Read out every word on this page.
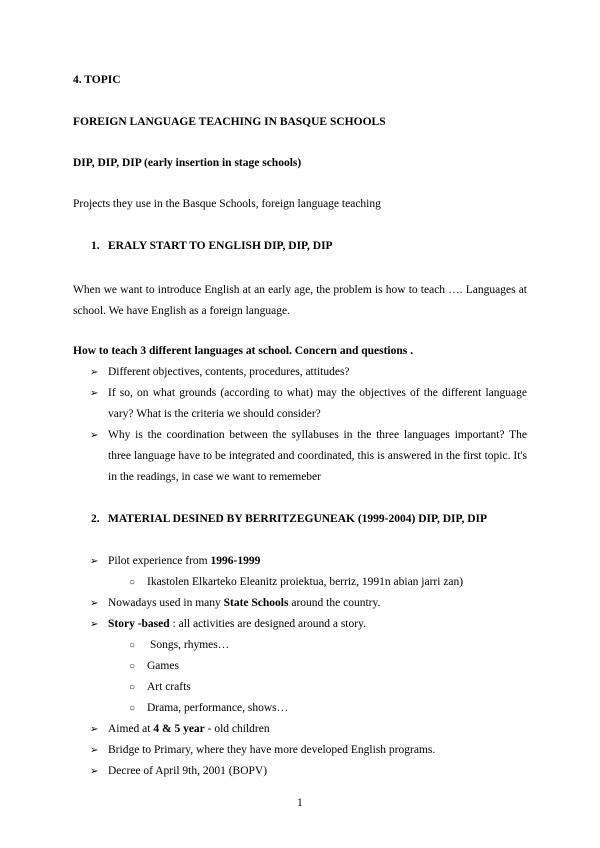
4. TOPIC
FOREIGN LANGUAGE TEACHING IN BASQUE SCHOOLS
DIP, DIP, DIP (early insertion in stage schools)
Projects they use in the Basque Schools, foreign language teaching
1. ERALY START TO ENGLISH DIP, DIP, DIP
When we want to introduce English at an early age, the problem is how to teach …. Languages at school. We have English as a foreign language.
How to teach 3 different languages at school. Concern and questions .
➢ Different objectives, contents, procedures, attitudes?
➢ If so, on what grounds (according to what) may the objectives of the different language vary? What is the criteria we should consider?
➢ Why is the coordination between the syllabuses in the three languages important? The three language have to be integrated and coordinated, this is answered in the first topic. It's in the readings, in case we want to rememeber
2. MATERIAL DESINED BY BERRITZEGUNEAK (1999-2004) DIP, DIP, DIP
➢ Pilot experience from 1996-1999
○ Ikastolen Elkarteko Eleanitz proiektua, berriz, 1991n abian jarri zan)
➢ Nowadays used in many State Schools around the country.
➢ Story -based : all activities are designed around a story.
○ Songs, rhymes…
○ Games
○ Art crafts
○ Drama, performance, shows…
➢ Aimed at 4 & 5 year - old children
➢ Bridge to Primary, where they have more developed English programs.
➢ Decree of April 9th, 2001 (BOPV)
1
